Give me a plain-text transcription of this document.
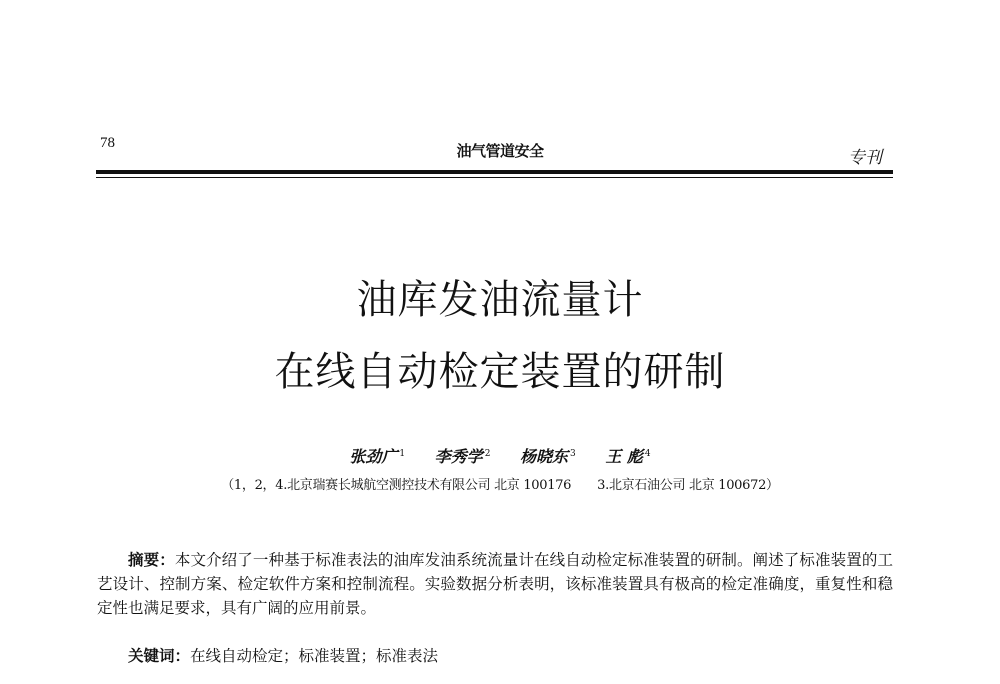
78	油气管道安全	专刊
油库发油流量计
在线自动检定装置的研制
张劲广 $^1$ 李秀学 $^2$ 杨晓东 $^3$ 王 彪 $^4$
（1，2，4.北京瑞赛长城航空测控技术有限公司 北京 100176 3.北京石油公司 北京 100672）
摘要：本文介绍了一种基于标准表法的油库发油系统流量计在线自动检定标准装置的研制。阐述了标准装置的工艺设计、控制方案、检定软件方案和控制流程。实验数据分析表明，该标准装置具有极高的检定准确度，重复性和稳定性也满足要求，具有广阔的应用前景。
关键词：在线自动检定；标准装置；标准表法
